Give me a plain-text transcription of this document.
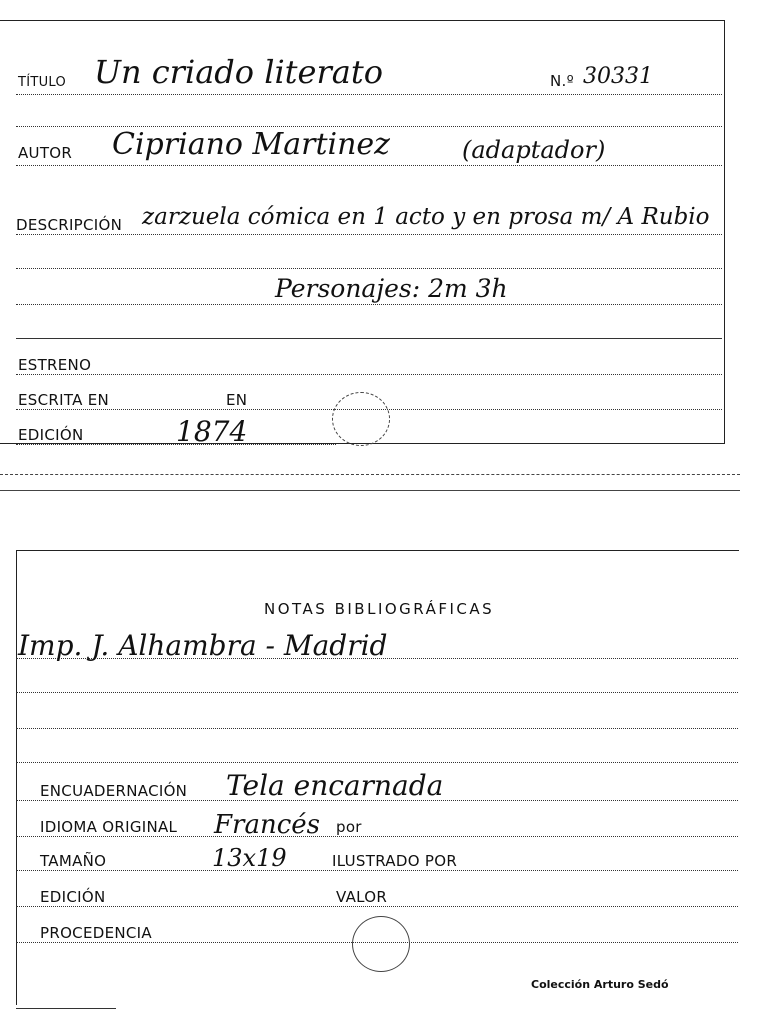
TÍTULO Un criado literato	N.º 30331
AUTOR Cipriano Martinez	(adaptador)
DESCRIPCIÓN zarzuela cómica en 1 acto y en prosa m/ A Rubio
Personajes: 2m 3h
ESTRENO
ESCRITA EN	EN
EDICIÓN	1874
NOTAS BIBLIOGRÁFICAS
Imp. J. Alhambra - Madrid
ENCUADERNACIÓN Tela encarnada
IDIOMA ORIGINAL Francés por
TAMAÑO	13x19	ILUSTRADO POR
EDICIÓN	VALOR
PROCEDENCIA
Colección Arturo Sedó
